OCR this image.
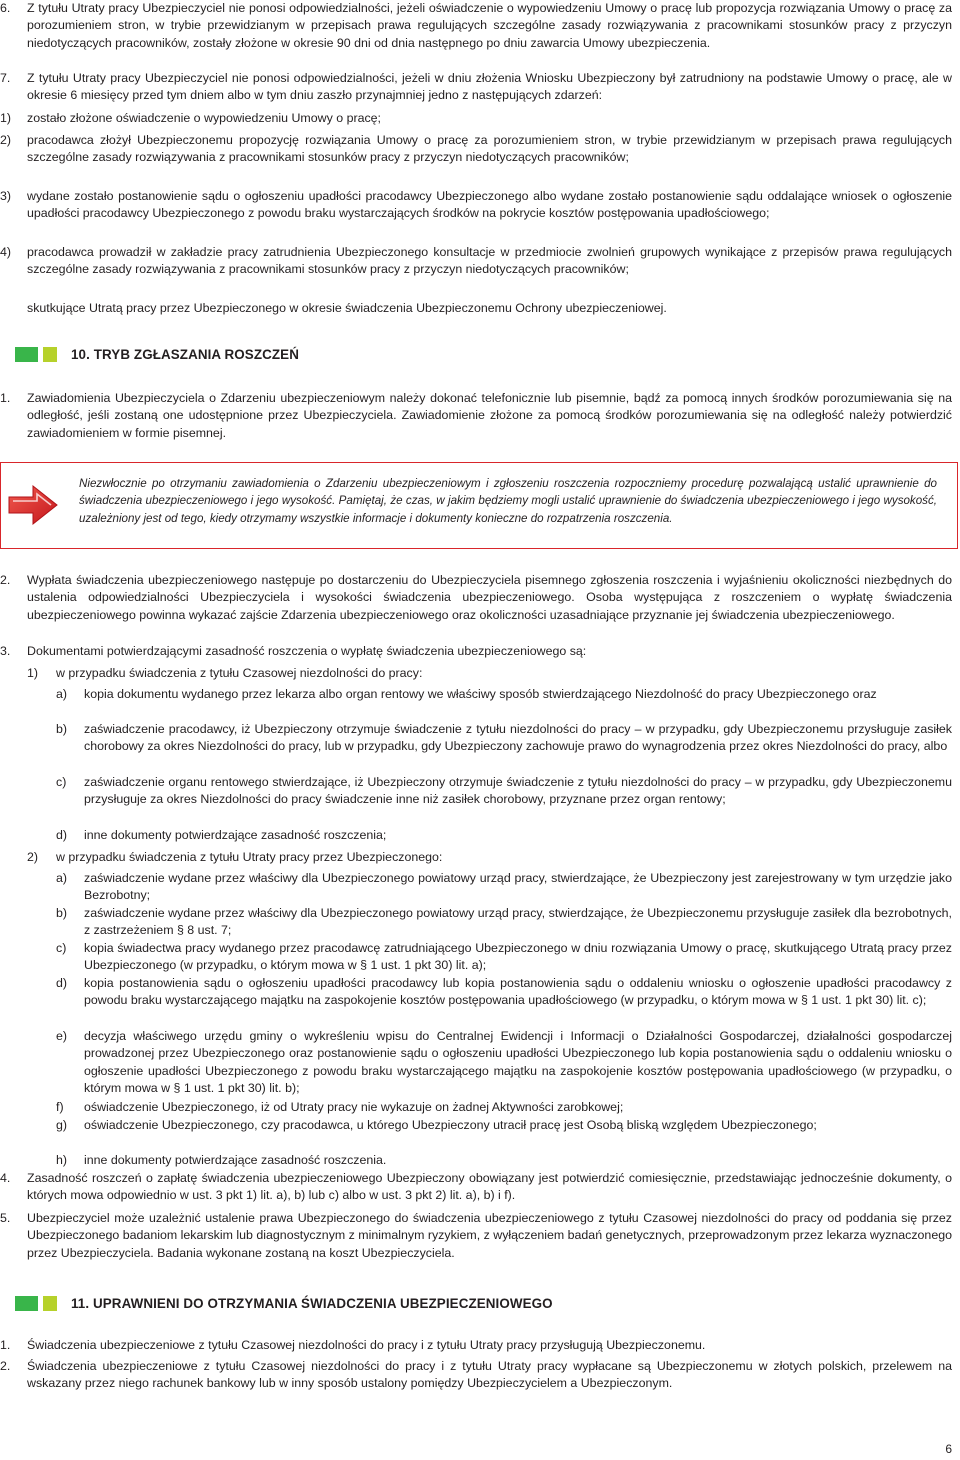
6.	Z tytułu Utraty pracy Ubezpieczyciel nie ponosi odpowiedzialności, jeżeli oświadczenie o wypowiedzeniu Umowy o pracę lub propozycja rozwiązania Umowy o pracę za porozumieniem stron, w trybie przewidzianym w przepisach prawa regulujących szczególne zasady rozwiązywania z pracownikami stosunków pracy z przyczyn niedotyczących pracowników, zostały złożone w okresie 90 dni od dnia następnego po dniu zawarcia Umowy ubezpieczenia.
7.	Z tytułu Utraty pracy Ubezpieczyciel nie ponosi odpowiedzialności, jeżeli w dniu złożenia Wniosku Ubezpieczony był zatrudniony na podstawie Umowy o pracę, ale w okresie 6 miesięcy przed tym dniem albo w tym dniu zaszło przynajmniej jedno z następujących zdarzeń:
1)	zostało złożone oświadczenie o wypowiedzeniu Umowy o pracę;
2)	pracodawca złożył Ubezpieczonemu propozycję rozwiązania Umowy o pracę za porozumieniem stron, w trybie przewidzianym w przepisach prawa regulujących szczególne zasady rozwiązywania z pracownikami stosunków pracy z przyczyn niedotyczących pracowników;
3)	wydane zostało postanowienie sądu o ogłoszeniu upadłości pracodawcy Ubezpieczonego albo wydane zostało postanowienie sądu oddalające wniosek o ogłoszenie upadłości pracodawcy Ubezpieczonego z powodu braku wystarczających środków na pokrycie kosztów postępowania upadłościowego;
4)	pracodawca prowadził w zakładzie pracy zatrudnienia Ubezpieczonego konsultacje w przedmiocie zwolnień grupowych wynikające z przepisów prawa regulujących szczególne zasady rozwiązywania z pracownikami stosunków pracy z przyczyn niedotyczących pracowników;
skutkujące Utratą pracy przez Ubezpieczonego w okresie świadczenia Ubezpieczonemu Ochrony ubezpieczeniowej.
10. TRYB ZGŁASZANIA ROSZCZEŃ
1.	Zawiadomienia Ubezpieczyciela o Zdarzeniu ubezpieczeniowym należy dokonać telefonicznie lub pisemnie, bądź za pomocą innych środków porozumiewania się na odległość, jeśli zostaną one udostępnione przez Ubezpieczyciela. Zawiadomienie złożone za pomocą środków porozumiewania się na odległość należy potwierdzić zawiadomieniem w formie pisemnej.
Niezwłocznie po otrzymaniu zawiadomienia o Zdarzeniu ubezpieczeniowym i zgłoszeniu roszczenia rozpoczniemy procedurę pozwalającą ustalić uprawnienie do świadczenia ubezpieczeniowego i jego wysokość. Pamiętaj, że czas, w jakim będziemy mogli ustalić uprawnienie do świadczenia ubezpieczeniowego i jego wysokość, uzależniony jest od tego, kiedy otrzymamy wszystkie informacje i dokumenty konieczne do rozpatrzenia roszczenia.
2.	Wypłata świadczenia ubezpieczeniowego następuje po dostarczeniu do Ubezpieczyciela pisemnego zgłoszenia roszczenia i wyjaśnieniu okoliczności niezbędnych do ustalenia odpowiedzialności Ubezpieczyciela i wysokości świadczenia ubezpieczeniowego. Osoba występująca z roszczeniem o wypłatę świadczenia ubezpieczeniowego powinna wykazać zajście Zdarzenia ubezpieczeniowego oraz okoliczności uzasadniające przyznanie jej świadczenia ubezpieczeniowego.
3.	Dokumentami potwierdzającymi zasadność roszczenia o wypłatę świadczenia ubezpieczeniowego są:
1)	w przypadku świadczenia z tytułu Czasowej niezdolności do pracy:
a)	kopia dokumentu wydanego przez lekarza albo organ rentowy we właściwy sposób stwierdzającego Niezdolność do pracy Ubezpieczonego oraz
b)	zaświadczenie pracodawcy, iż Ubezpieczony otrzymuje świadczenie z tytułu niezdolności do pracy – w przypadku, gdy Ubezpieczonemu przysługuje zasiłek chorobowy za okres Niezdolności do pracy, lub w przypadku, gdy Ubezpieczony zachowuje prawo do wynagrodzenia przez okres Niezdolności do pracy, albo
c)	zaświadczenie organu rentowego stwierdzające, iż Ubezpieczony otrzymuje świadczenie z tytułu niezdolności do pracy – w przypadku, gdy Ubezpieczonemu przysługuje za okres Niezdolności do pracy świadczenie inne niż zasiłek chorobowy, przyznane przez organ rentowy;
d)	inne dokumenty potwierdzające zasadność roszczenia;
2)	w przypadku świadczenia z tytułu Utraty pracy przez Ubezpieczonego:
a)	zaświadczenie wydane przez właściwy dla Ubezpieczonego powiatowy urząd pracy, stwierdzające, że Ubezpieczony jest zarejestrowany w tym urzędzie jako Bezrobotny;
b)	zaświadczenie wydane przez właściwy dla Ubezpieczonego powiatowy urząd pracy, stwierdzające, że Ubezpieczonemu przysługuje zasiłek dla bezrobotnych, z zastrzeżeniem § 8 ust. 7;
c)	kopia świadectwa pracy wydanego przez pracodawcę zatrudniającego Ubezpieczonego w dniu rozwiązania Umowy o pracę, skutkującego Utratą pracy przez Ubezpieczonego (w przypadku, o którym mowa w § 1 ust. 1 pkt 30) lit. a);
d)	kopia postanowienia sądu o ogłoszeniu upadłości pracodawcy lub kopia postanowienia sądu o oddaleniu wniosku o ogłoszenie upadłości pracodawcy z powodu braku wystarczającego majątku na zaspokojenie kosztów postępowania upadłościowego (w przypadku, o którym mowa w § 1 ust. 1 pkt 30) lit. c);
e)	decyzja właściwego urzędu gminy o wykreśleniu wpisu do Centralnej Ewidencji i Informacji o Działalności Gospodarczej, działalności gospodarczej prowadzonej przez Ubezpieczonego oraz postanowienie sądu o ogłoszeniu upadłości Ubezpieczonego lub kopia postanowienia sądu o oddaleniu wniosku o ogłoszenie upadłości Ubezpieczonego z powodu braku wystarczającego majątku na zaspokojenie kosztów postępowania upadłościowego (w przypadku, o którym mowa w § 1 ust. 1 pkt 30) lit. b);
f)	oświadczenie Ubezpieczonego, iż od Utraty pracy nie wykazuje on żadnej Aktywności zarobkowej;
g)	oświadczenie Ubezpieczonego, czy pracodawca, u którego Ubezpieczony utracił pracę jest Osobą bliską względem Ubezpieczonego;
h)	inne dokumenty potwierdzające zasadność roszczenia.
4.	Zasadność roszczeń o zapłatę świadczenia ubezpieczeniowego Ubezpieczony obowiązany jest potwierdzić comiesięcznie, przedstawiając jednocześnie dokumenty, o których mowa odpowiednio w ust. 3 pkt 1) lit. a), b) lub c) albo w ust. 3 pkt 2) lit. a), b) i f).
5.	Ubezpieczyciel może uzależnić ustalenie prawa Ubezpieczonego do świadczenia ubezpieczeniowego z tytułu Czasowej niezdolności do pracy od poddania się przez Ubezpieczonego badaniom lekarskim lub diagnostycznym z minimalnym ryzykiem, z wyłączeniem badań genetycznych, przeprowadzonym przez lekarza wyznaczonego przez Ubezpieczyciela. Badania wykonane zostaną na koszt Ubezpieczyciela.
11. UPRAWNIENI DO OTRZYMANIA ŚWIADCZENIA UBEZPIECZENIOWEGO
1.	Świadczenia ubezpieczeniowe z tytułu Czasowej niezdolności do pracy i z tytułu Utraty pracy przysługują Ubezpieczonemu.
2.	Świadczenia ubezpieczeniowe z tytułu Czasowej niezdolności do pracy i z tytułu Utraty pracy wypłacane są Ubezpieczonemu w złotych polskich, przelewem na wskazany przez niego rachunek bankowy lub w inny sposób ustalony pomiędzy Ubezpieczycielem a Ubezpieczonym.
6
